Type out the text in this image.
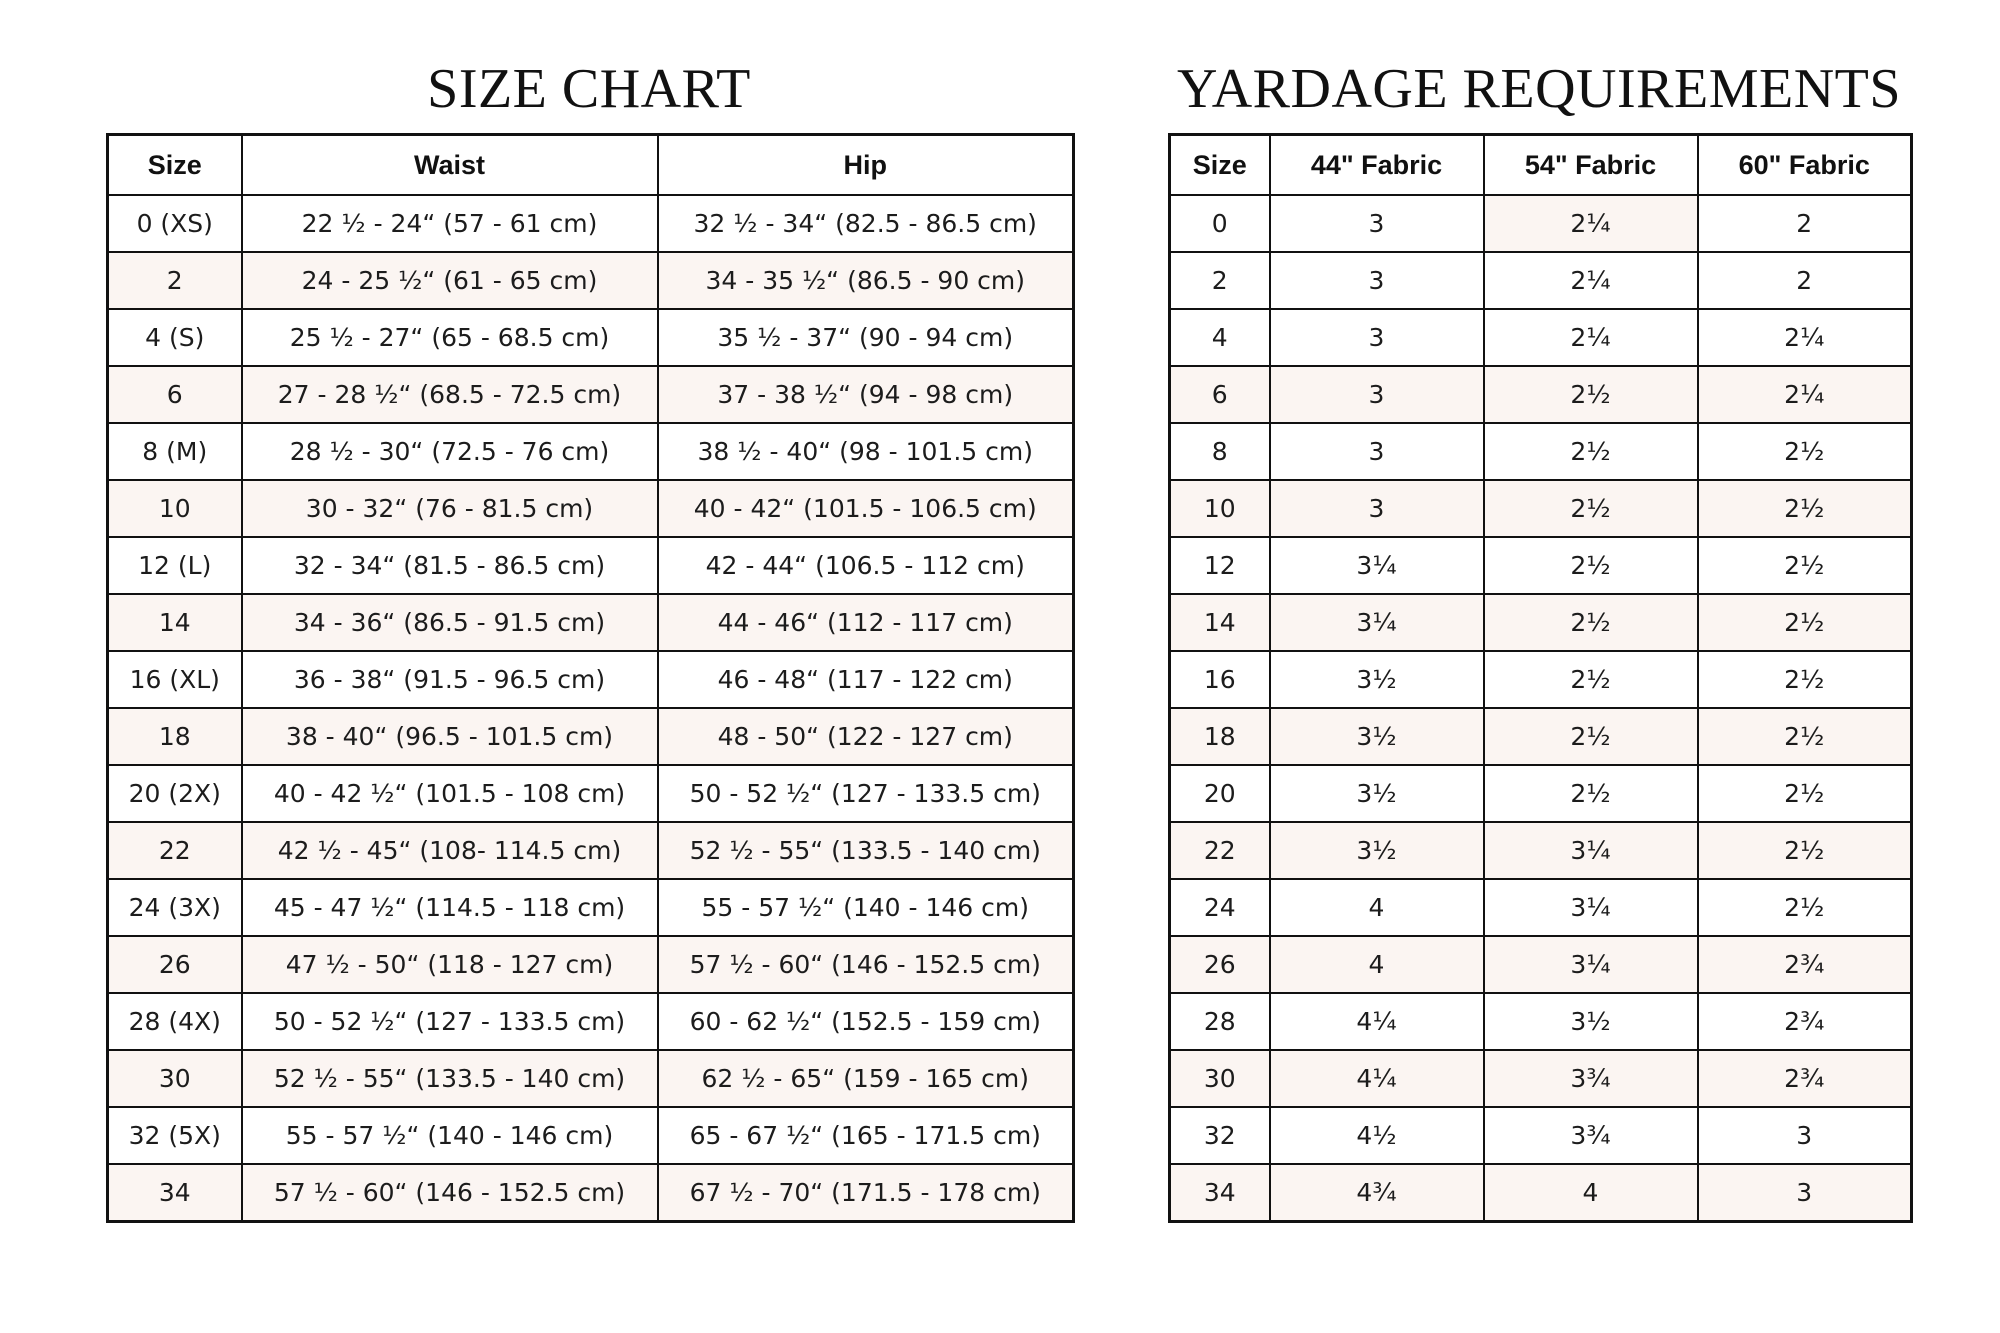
SIZE CHART
Size	Waist	Hip
0 (XS)	22 ½ - 24“ (57 - 61 cm)	32 ½ - 34“ (82.5 - 86.5 cm)
2	24 - 25 ½“ (61 - 65 cm)	34 - 35 ½“ (86.5 - 90 cm)
4 (S)	25 ½ - 27“ (65 - 68.5 cm)	35 ½ - 37“ (90 - 94 cm)
6	27 - 28 ½“ (68.5 - 72.5 cm)	37 - 38 ½“ (94 - 98 cm)
8 (M)	28 ½ - 30“ (72.5 - 76 cm)	38 ½ - 40“ (98 - 101.5 cm)
10	30 - 32“ (76 - 81.5 cm)	40 - 42“ (101.5 - 106.5 cm)
12 (L)	32 - 34“ (81.5 - 86.5 cm)	42 - 44“ (106.5 - 112 cm)
14	34 - 36“ (86.5 - 91.5 cm)	44 - 46“ (112 - 117 cm)
16 (XL)	36 - 38“ (91.5 - 96.5 cm)	46 - 48“ (117 - 122 cm)
18	38 - 40“ (96.5 - 101.5 cm)	48 - 50“ (122 - 127 cm)
20 (2X)	40 - 42 ½“ (101.5 - 108 cm)	50 - 52 ½“ (127 - 133.5 cm)
22	42 ½ - 45“ (108- 114.5 cm)	52 ½ - 55“ (133.5 - 140 cm)
24 (3X)	45 - 47 ½“ (114.5 - 118 cm)	55 - 57 ½“ (140 - 146 cm)
26	47 ½ - 50“ (118 - 127 cm)	57 ½ - 60“ (146 - 152.5 cm)
28 (4X)	50 - 52 ½“ (127 - 133.5 cm)	60 - 62 ½“ (152.5 - 159 cm)
30	52 ½ - 55“ (133.5 - 140 cm)	62 ½ - 65“ (159 - 165 cm)
32 (5X)	55 - 57 ½“ (140 - 146 cm)	65 - 67 ½“ (165 - 171.5 cm)
34	57 ½ - 60“ (146 - 152.5 cm)	67 ½ - 70“ (171.5 - 178 cm)
YARDAGE REQUIREMENTS
Size	44" Fabric	54" Fabric	60" Fabric
0	3	2¼	2
2	3	2¼	2
4	3	2¼	2¼
6	3	2½	2¼
8	3	2½	2½
10	3	2½	2½
12	3¼	2½	2½
14	3¼	2½	2½
16	3½	2½	2½
18	3½	2½	2½
20	3½	2½	2½
22	3½	3¼	2½
24	4	3¼	2½
26	4	3¼	2¾
28	4¼	3½	2¾
30	4¼	3¾	2¾
32	4½	3¾	3
34	4¾	4	3
